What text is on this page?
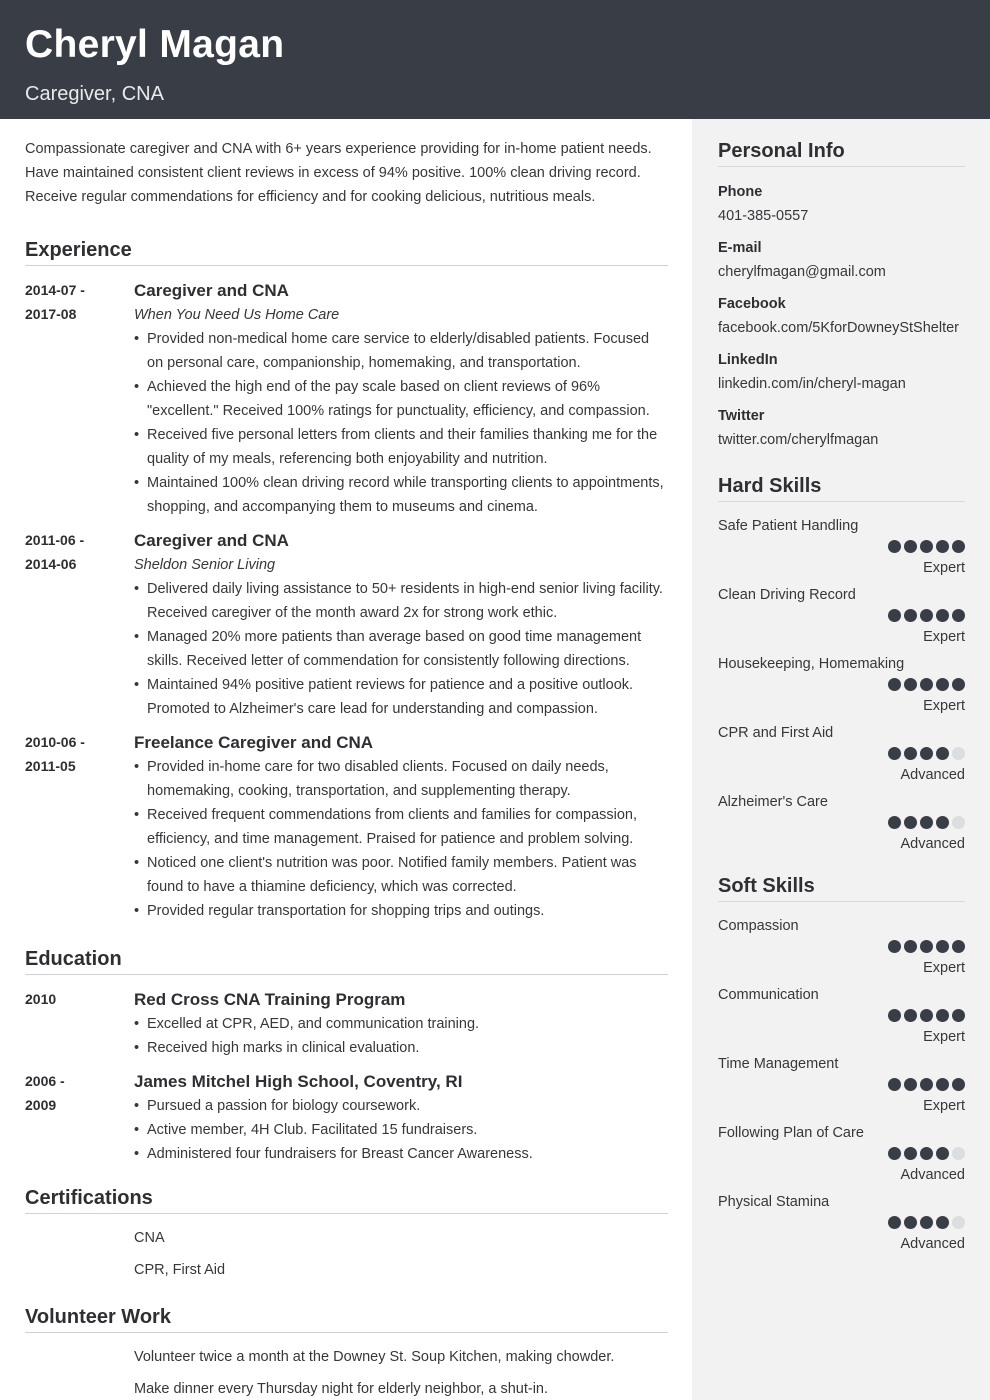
Cheryl Magan
Caregiver, CNA

Compassionate caregiver and CNA with 6+ years experience providing for in-home patient needs. Have maintained consistent client reviews in excess of 94% positive. 100% clean driving record. Receive regular commendations for efficiency and for cooking delicious, nutritious meals.

Experience
2014-07 -
2017-08
Caregiver and CNA
When You Need Us Home Care
• Provided non-medical home care service to elderly/disabled patients. Focused on personal care, companionship, homemaking, and transportation.
• Achieved the high end of the pay scale based on client reviews of 96% "excellent." Received 100% ratings for punctuality, efficiency, and compassion.
• Received five personal letters from clients and their families thanking me for the quality of my meals, referencing both enjoyability and nutrition.
• Maintained 100% clean driving record while transporting clients to appointments, shopping, and accompanying them to museums and cinema.
2011-06 -
2014-06
Caregiver and CNA
Sheldon Senior Living
• Delivered daily living assistance to 50+ residents in high-end senior living facility. Received caregiver of the month award 2x for strong work ethic.
• Managed 20% more patients than average based on good time management skills. Received letter of commendation for consistently following directions.
• Maintained 94% positive patient reviews for patience and a positive outlook. Promoted to Alzheimer's care lead for understanding and compassion.
2010-06 -
2011-05
Freelance Caregiver and CNA
• Provided in-home care for two disabled clients. Focused on daily needs, homemaking, cooking, transportation, and supplementing therapy.
• Received frequent commendations from clients and families for compassion, efficiency, and time management. Praised for patience and problem solving.
• Noticed one client's nutrition was poor. Notified family members. Patient was found to have a thiamine deficiency, which was corrected.
• Provided regular transportation for shopping trips and outings.
Education
2010	Red Cross CNA Training Program
• Excelled at CPR, AED, and communication training.
• Received high marks in clinical evaluation.
2006 -
2009
James Mitchel High School, Coventry, RI
• Pursued a passion for biology coursework.
• Active member, 4H Club. Facilitated 15 fundraisers.
• Administered four fundraisers for Breast Cancer Awareness.
Certifications
CNA
CPR, First Aid
Volunteer Work
Volunteer twice a month at the Downey St. Soup Kitchen, making chowder.
Make dinner every Thursday night for elderly neighbor, a shut-in.
Personal Info
Phone
401-385-0557
E-mail
cherylfmagan@gmail.com
Facebook
facebook.com/5KforDowneyStShelter
LinkedIn
linkedin.com/in/cheryl-magan
Twitter
twitter.com/cherylfmagan
Hard Skills
Safe Patient Handling
Expert
Clean Driving Record
Expert
Housekeeping, Homemaking
Expert
CPR and First Aid
Advanced
Alzheimer's Care
Advanced
Soft Skills
Compassion
Expert
Communication
Expert
Time Management
Expert
Following Plan of Care
Advanced
Physical Stamina
Advanced
